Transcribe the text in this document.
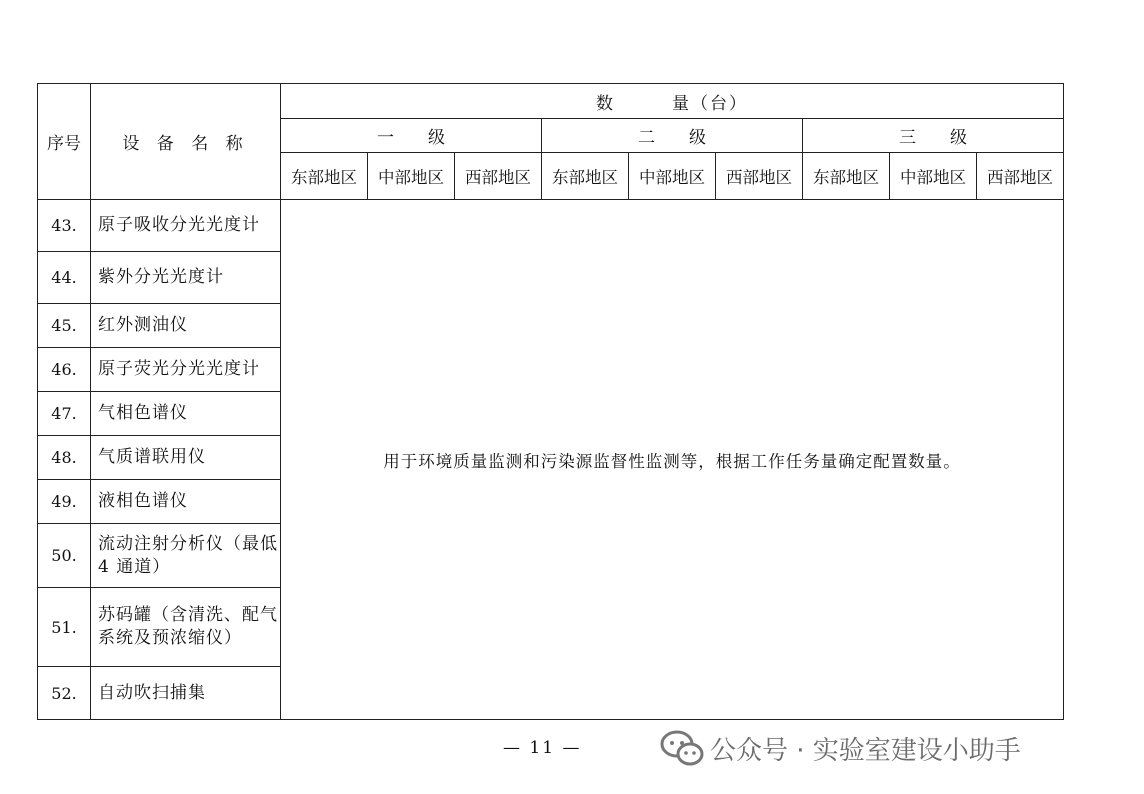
序号	设 备 名 称	数　　　量（台）								
		一　　级			二　　级			三　　级		
		东部地区	中部地区	西部地区	东部地区	中部地区	西部地区	东部地区	中部地区	西部地区
43.	原子吸收分光光度计	用于环境质量监测和污染源监督性监测等，根据工作任务量确定配置数量。								
44.	紫外分光光度计									
45.	红外测油仪									
46.	原子荧光分光光度计									
47.	气相色谱仪									
48.	气质谱联用仪									
49.	液相色谱仪									
50.	流动注射分析仪（最低 4 通道）									
51.	苏码罐（含清洗、配气系统及预浓缩仪）									
52.	自动吹扫捕集									
— 11 —	公众号 · 实验室建设小助手
